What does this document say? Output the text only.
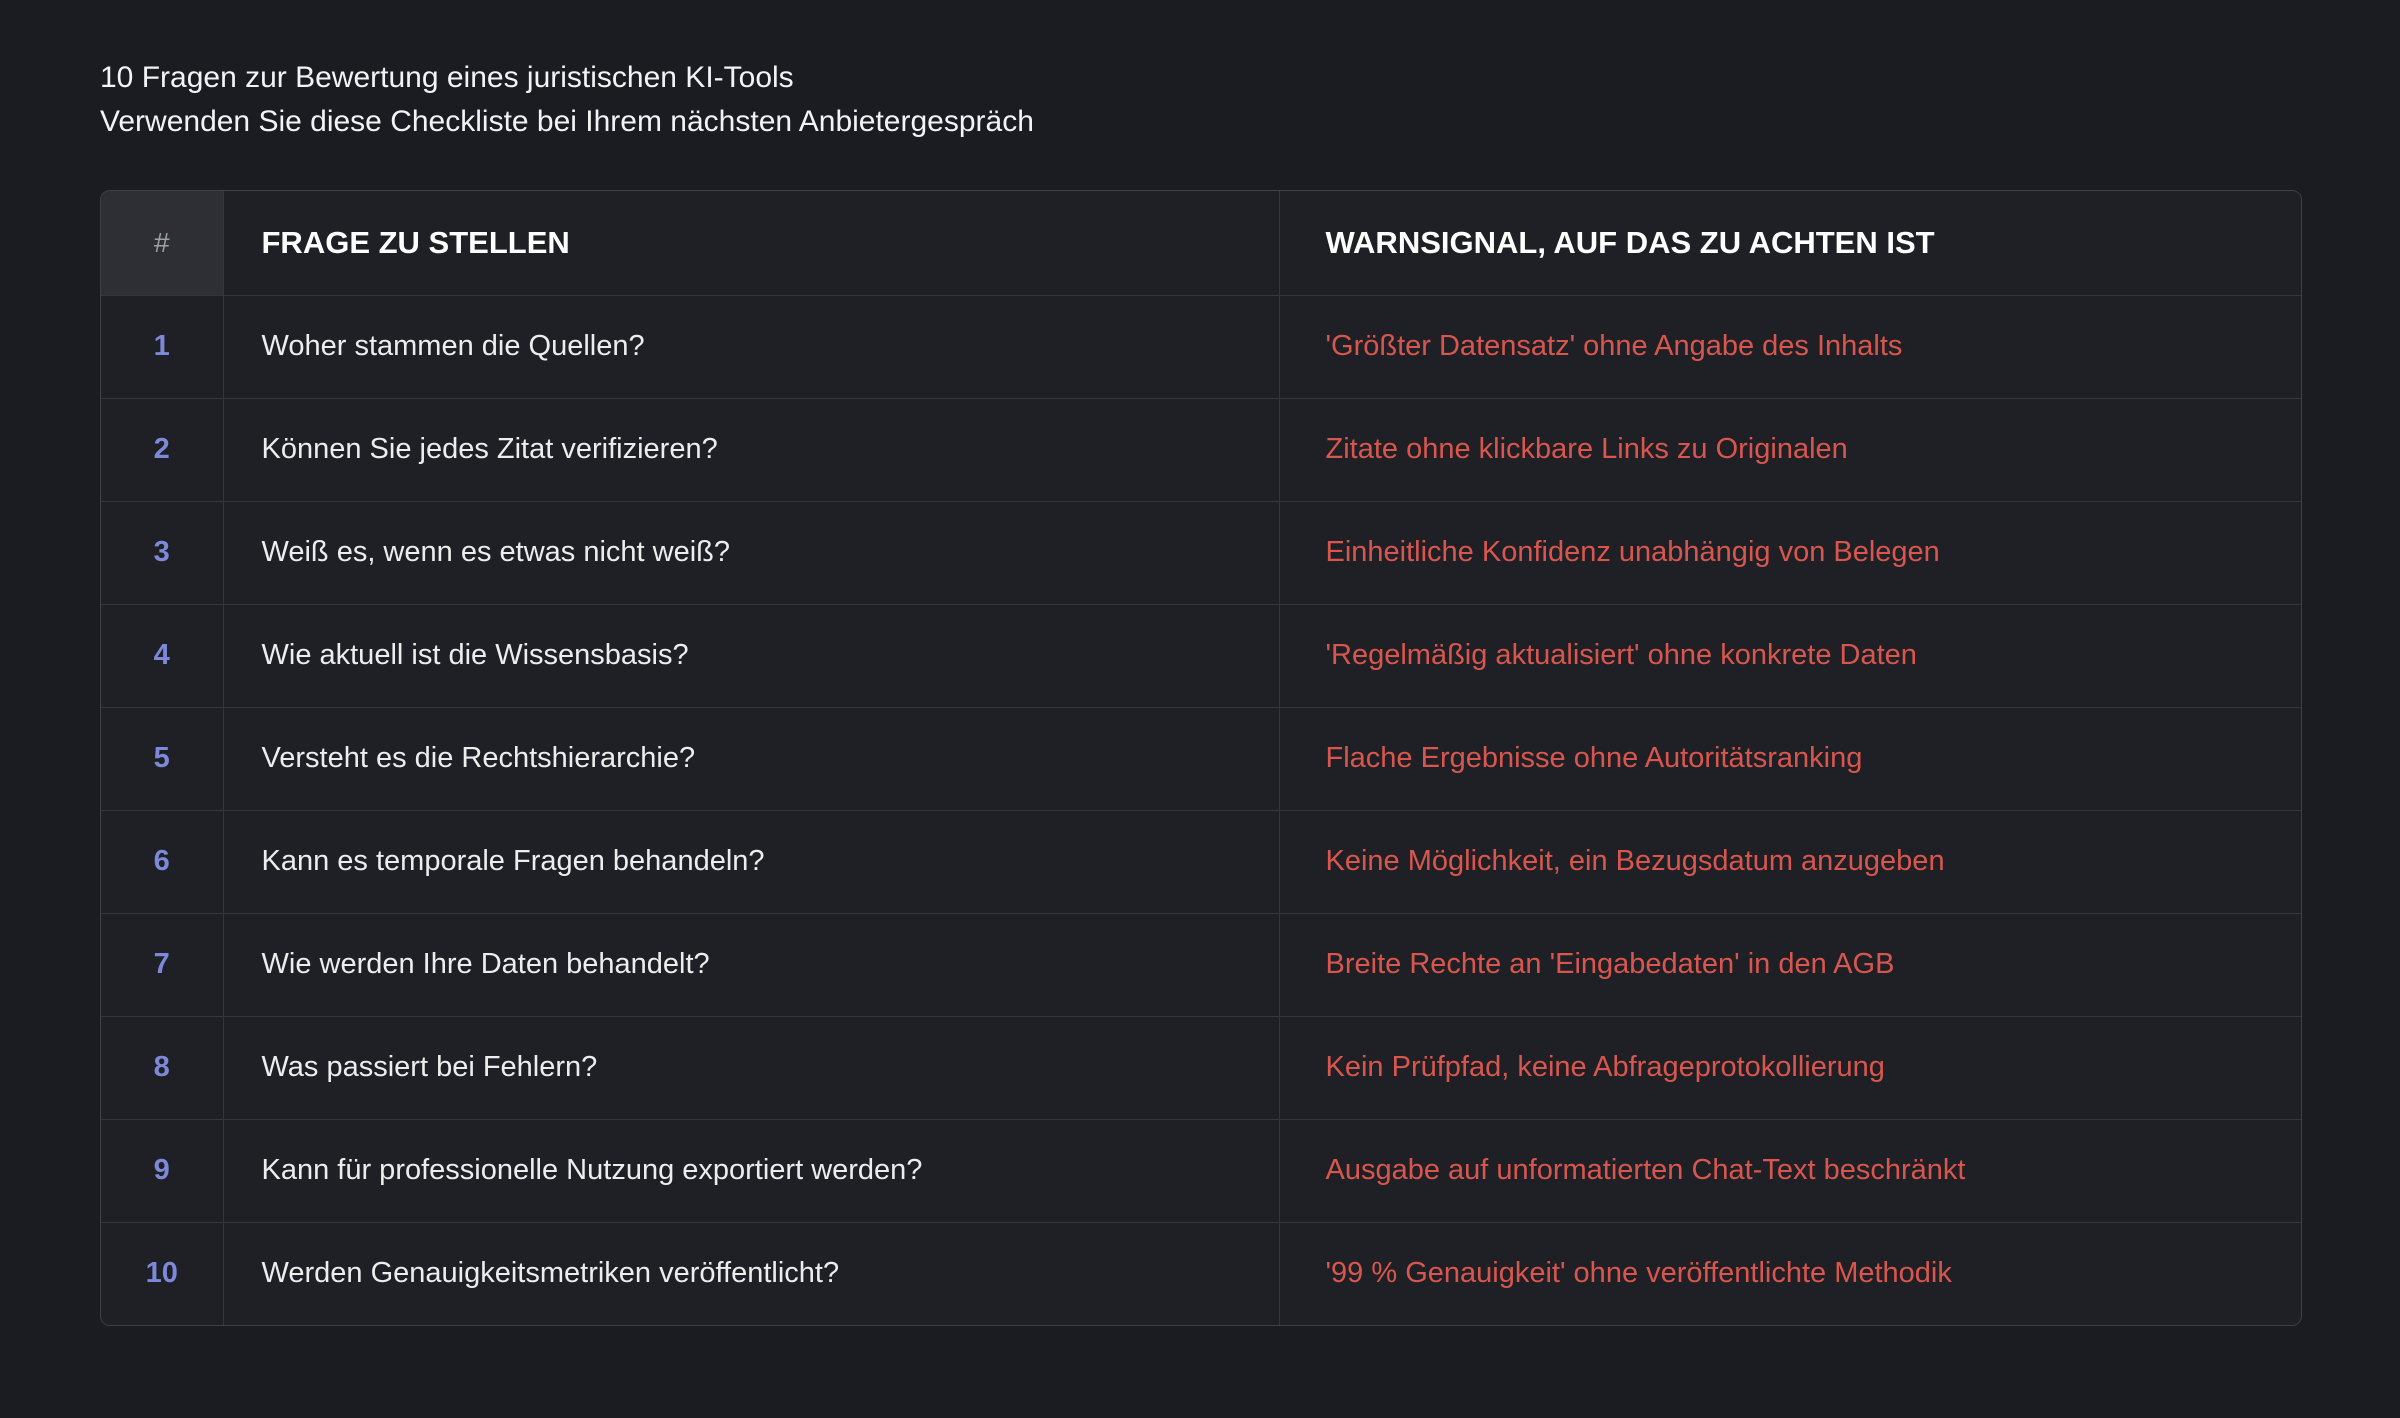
10 Fragen zur Bewertung eines juristischen KI-Tools
Verwenden Sie diese Checkliste bei Ihrem nächsten Anbietergespräch
#	FRAGE ZU STELLEN	WARNSIGNAL, AUF DAS ZU ACHTEN IST
1	Woher stammen die Quellen?	'Größter Datensatz' ohne Angabe des Inhalts
2	Können Sie jedes Zitat verifizieren?	Zitate ohne klickbare Links zu Originalen
3	Weiß es, wenn es etwas nicht weiß?	Einheitliche Konfidenz unabhängig von Belegen
4	Wie aktuell ist die Wissensbasis?	'Regelmäßig aktualisiert' ohne konkrete Daten
5	Versteht es die Rechtshierarchie?	Flache Ergebnisse ohne Autoritätsranking
6	Kann es temporale Fragen behandeln?	Keine Möglichkeit, ein Bezugsdatum anzugeben
7	Wie werden Ihre Daten behandelt?	Breite Rechte an 'Eingabedaten' in den AGB
8	Was passiert bei Fehlern?	Kein Prüfpfad, keine Abfrageprotokollierung
9	Kann für professionelle Nutzung exportiert werden?	Ausgabe auf unformatierten Chat-Text beschränkt
10	Werden Genauigkeitsmetriken veröffentlicht?	'99 % Genauigkeit' ohne veröffentlichte Methodik
